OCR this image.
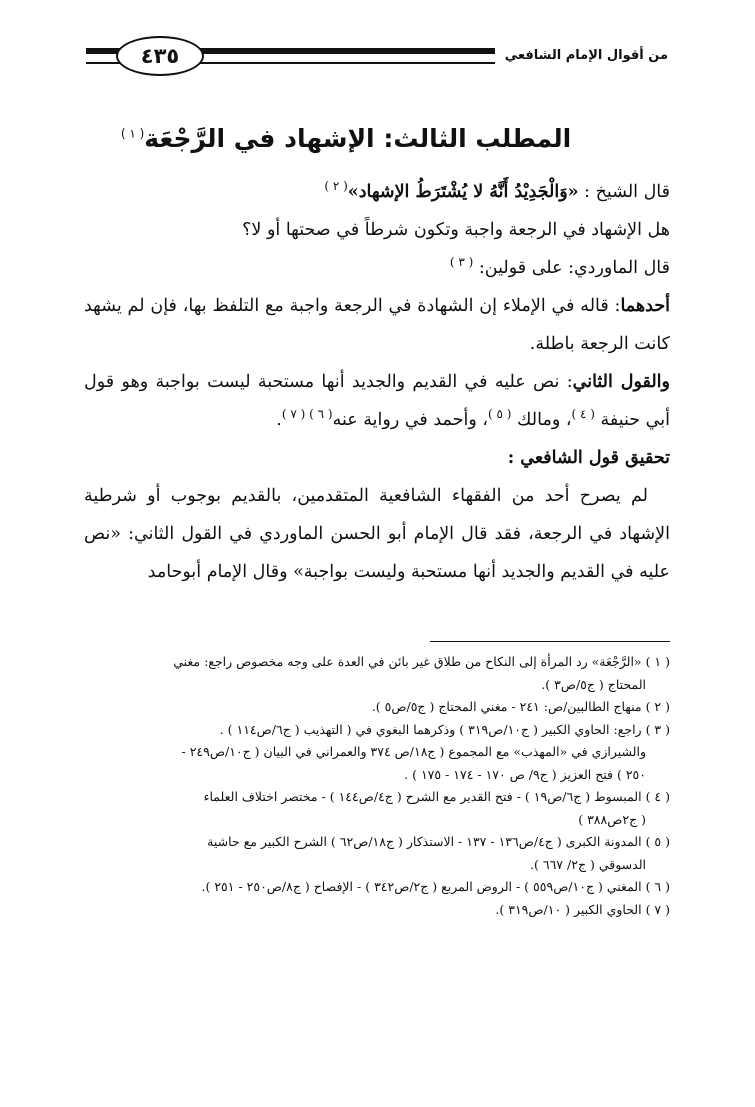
من أقوال الإمام الشافعي
٤٣٥
المطلب الثالث: الإشهاد في الرَّجْعَة$^{( ١ )}$

قال الشيخ : «وَالْجَدِيْدُ أَنَّهُ لا يُشْتَرَطُ الإشهاد»$^{( ٢ )}$

هل الإشهاد في الرجعة واجبة وتكون شرطاً في صحتها أو لا؟

قال الماوردي: على قولين: $^{( ٣ )}$

أحدهما: قاله في الإملاء إن الشهادة في الرجعة واجبة مع التلفظ بها، فإن لم يشهد كانت الرجعة باطلة.

والقول الثاني: نص عليه في القديم والجديد أنها مستحبة ليست بواجبة وهو قول أبي حنيفة $^{( ٤ )}$، ومالك $^{( ٥ )}$، وأحمد في رواية عنه$^{( ٦ ) ( ٧ )}$.

تحقيق قول الشافعي :

لم يصرح أحد من الفقهاء الشافعية المتقدمين، بالقديم بوجوب أو شرطية الإشهاد في الرجعة، فقد قال الإمام أبو الحسن الماوردي في القول الثاني: «نص عليه في القديم والجديد أنها مستحبة وليست بواجبة» وقال الإمام أبوحامد

( ١ ) «الرَّجْعَة» رد المرأة إلى النكاح من طلاق غير بائن في العدة على وجه مخصوص راجع: مغني
المحتاج ( ج٥/ص٣ ).

( ٢ ) منهاج الطالبين/ص: ٢٤١ - مغني المحتاج ( ج٥/ص٥ ).

( ٣ ) راجع: الحاوي الكبير ( ج١٠/ص٣١٩ ) وذكرهما البغوي في ( التهذيب ( ج٦/ص١١٤ ) .
والشيرازي في «المهذب» مع المجموع ( ج١٨/ص ٣٧٤ والعمراني في البيان ( ج١٠/ص٢٤٩ -
٢٥٠ ) فتح العزيز ( ج٩/ ص ١٧٠ - ١٧٤ - ١٧٥ ) .

( ٤ ) المبسوط ( ج٦/ص١٩ ) - فتح القدير مع الشرح ( ج٤/ص١٤٤ ) - مختصر اختلاف العلماء
( ج٢ص٣٨٨ )

( ٥ ) المدونة الكبرى ( ج٤/ص١٣٦ - ١٣٧ - الاستذكار ( ج١٨/ص٦٢ ) الشرح الكبير مع حاشية
الدسوقي ( ج٢/ ٦٦٧ ).

( ٦ ) المغني ( ج١٠/ص٥٥٩ ) - الروض المربع ( ج٢/ص٣٤٢ ) - الإفصاح ( ج٨/ص٢٥٠ - ٢٥١ ).

( ٧ ) الحاوي الكبير ( ١٠/ص٣١٩ ).
